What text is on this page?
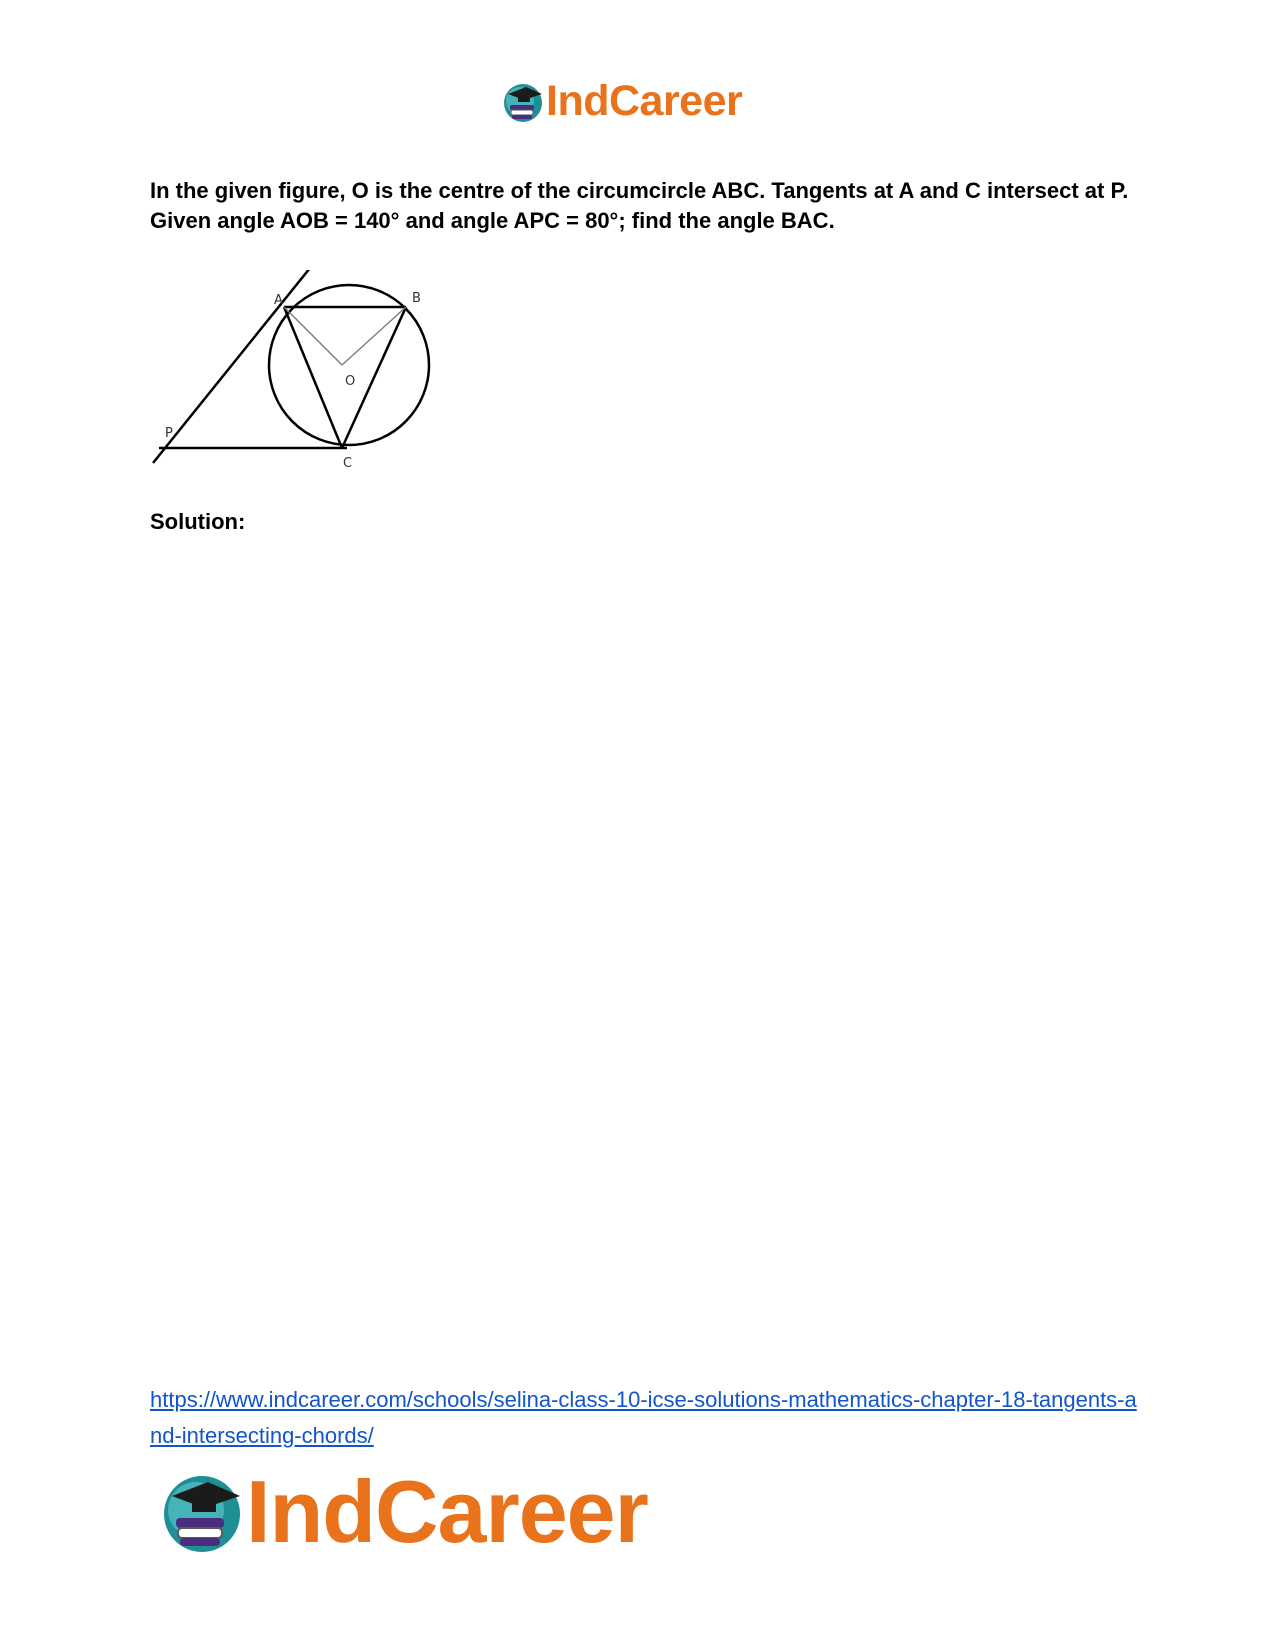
IndCareer
In the given figure, O is the centre of the circumcircle ABC. Tangents at A and C intersect at P. Given angle AOB = 140° and angle APC = 80°; find the angle BAC.
A	B
O
P
C
Solution:
https://www.indcareer.com/schools/selina-class-10-icse-solutions-mathematics-chapter-18-tangents-and-intersecting-chords/
IndCareer
